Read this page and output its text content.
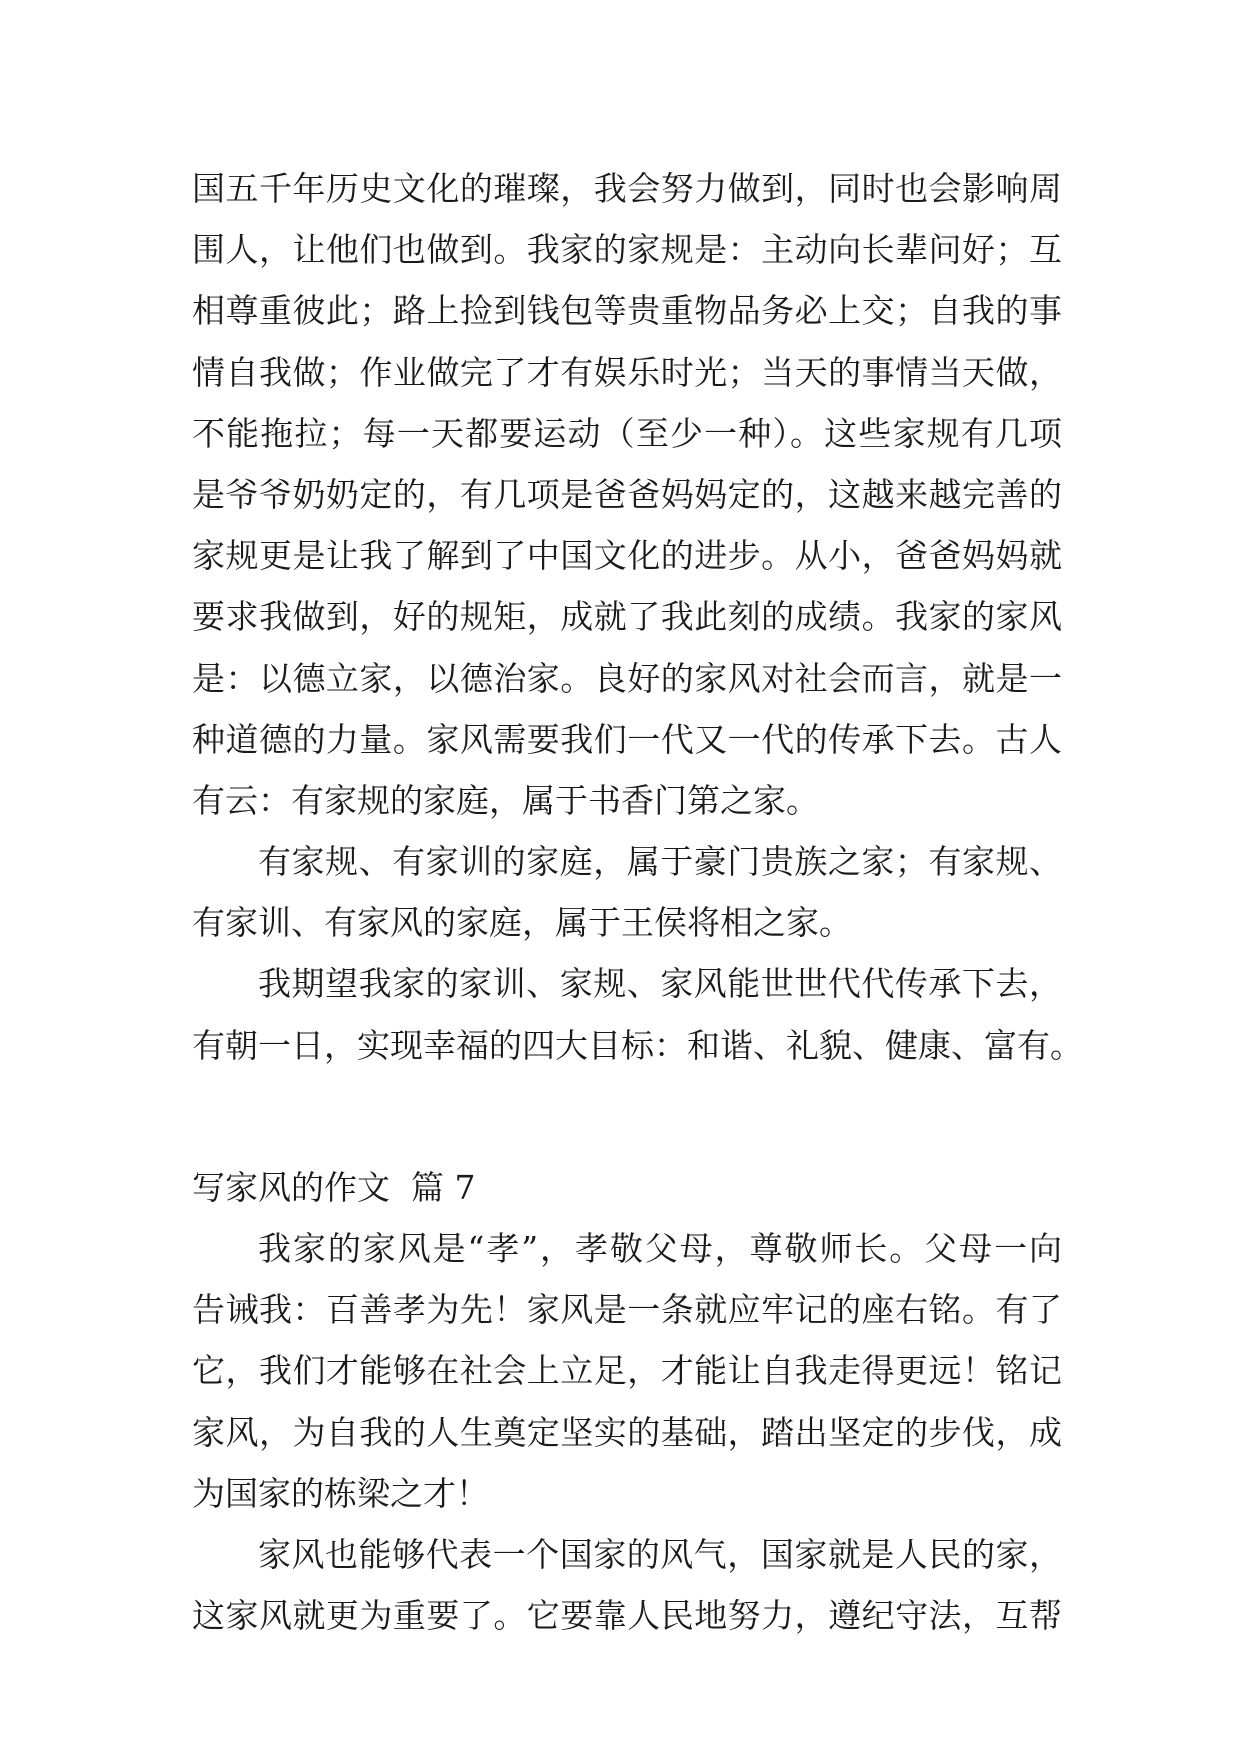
国五千年历史文化的璀璨，我会努力做到，同时也会影响周
围人，让他们也做到。我家的家规是：主动向长辈问好；互
相尊重彼此；路上捡到钱包等贵重物品务必上交；自我的事
情自我做；作业做完了才有娱乐时光；当天的事情当天做，
不能拖拉；每一天都要运动（至少一种）。这些家规有几项
是爷爷奶奶定的，有几项是爸爸妈妈定的，这越来越完善的
家规更是让我了解到了中国文化的进步。从小，爸爸妈妈就
要求我做到，好的规矩，成就了我此刻的成绩。我家的家风
是：以德立家，以德治家。良好的家风对社会而言，就是一
种道德的力量。家风需要我们一代又一代的传承下去。古人
有云：有家规的家庭，属于书香门第之家。
有家规、有家训的家庭，属于豪门贵族之家；有家规、
有家训、有家风的家庭，属于王侯将相之家。
我期望我家的家训、家规、家风能世世代代传承下去，
有朝一日，实现幸福的四大目标：和谐、礼貌、健康、富有。
写家风的作文  篇 7
我家的家风是“孝”，孝敬父母，尊敬师长。父母一向
告诫我：百善孝为先！家风是一条就应牢记的座右铭。有了
它，我们才能够在社会上立足，才能让自我走得更远！铭记
家风，为自我的人生奠定坚实的基础，踏出坚定的步伐，成
为国家的栋梁之才！
家风也能够代表一个国家的风气，国家就是人民的家，
这家风就更为重要了。它要靠人民地努力，遵纪守法，互帮
